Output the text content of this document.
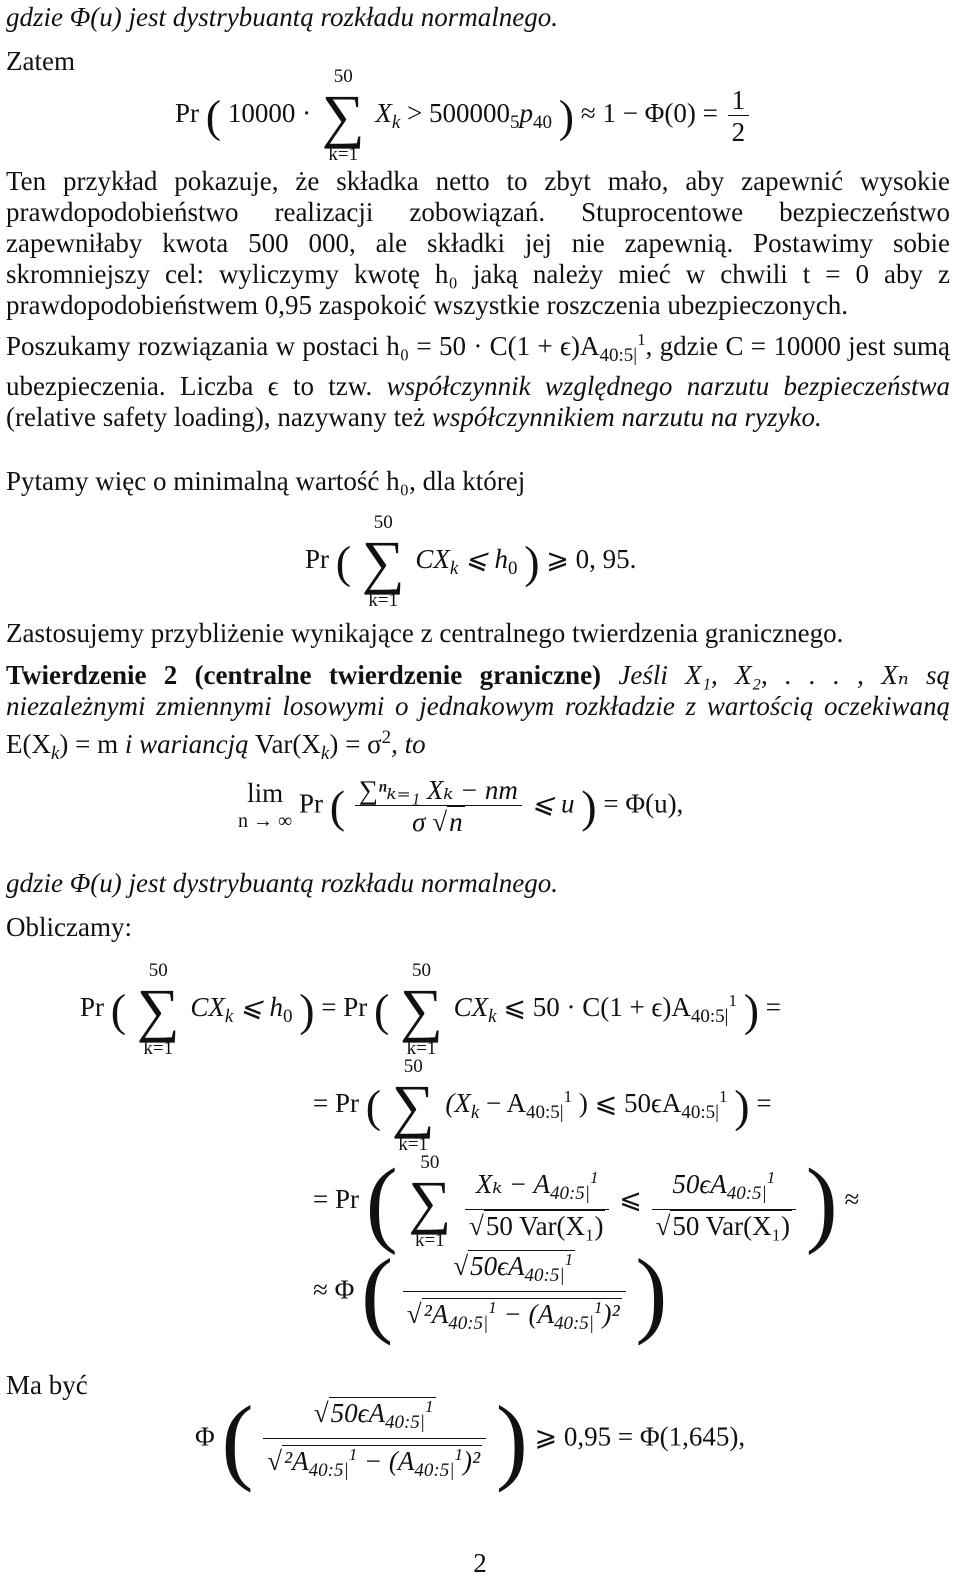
gdzie Φ(u) jest dystrybuantą rozkładu normalnego.
Zatem
Pr ( 10000 ·
50
∑
k=1
$X_k > 500000_5p_{40}$ ) ≈ $1 - \Phi(0) = \frac{1}{2}$
Ten przykład pokazuje, że składka netto to zbyt mało, aby zapewnić wysokie prawdopodobieństwo realizacji zobowiązań. Stuprocentowe bezpieczeństwo zapewniłaby kwota 500 000, ale składki jej nie zapewnią. Postawimy sobie skromniejszy cel: wyliczymy kwotę h₀ jaką należy mieć w chwili t = 0 aby z prawdopodobieństwem 0,95 zaspokoić wszystkie roszczenia ubezpieczonych.
Poszukamy rozwiązania w postaci $h_0 = 50 \cdot C(1 + \epsilon)A_{40:5|}^1$, gdzie C = 10000 jest sumą ubezpieczenia. Liczba ϵ to tzw. współczynnik względnego narzutu bezpieczeństwa (relative safety loading), nazywany też współczynnikiem narzutu na ryzyko.
Pytamy więc o minimalną wartość h₀, dla której
Pr (
50
∑
k=1
$CX_k$ ⩽ $h_0$ ) ⩾ 0, 95.
Zastosujemy przybliżenie wynikające z centralnego twierdzenia granicznego.
Twierdzenie 2 (centralne twierdzenie graniczne) Jeśli X₁, X₂, . . . , Xₙ są niezależnymi zmiennymi losowymi o jednakowym rozkładzie z wartością oczekiwaną $E(X_k) = m$ i wariancją $Var(X_k) = \sigma^2$, to
lim
n → ∞
Pr ( $\frac{\text{∑ⁿₖ₌₁ Xₖ − nm}}{\sigma √n}$ ⩽ u ) = Φ(u),
gdzie Φ(u) jest dystrybuantą rozkładu normalnego.
Obliczamy:
Pr (
50
∑
k=1
$CX_k$ ⩽ $h_0$ ) = Pr (
50
∑
k=1
$CX_k$ ⩽ $50 \cdot C(1 + \epsilon)A_{40:5|}^1$ ) =
= Pr (
50
∑
k=1
($X_k - A_{40:5|}^1$ ) ⩽ $50\epsilon A_{40:5|}^1$ ) =
= Pr (	50
∑
k=1
$\frac{X_k - A_{40:5|}^1}{\text{√50 Var(X₁)}}$ ⩽ $\frac{50\epsilon A_{40:5|}^1}{\text{√50 Var(X₁)}}$ ) ≈
≈ Φ ( $\frac{√50\epsilon A_{40:5|}^1}{√^2A_{40:5|}^1 - (A_{40:5|}^1)^2}$ )
Ma być
Φ ( $\frac{√50\epsilon A_{40:5|}^1}{√^2A_{40:5|}^1 - (A_{40:5|}^1)^2}$ ) ⩾ 0,95 = Φ(1,645),
2
